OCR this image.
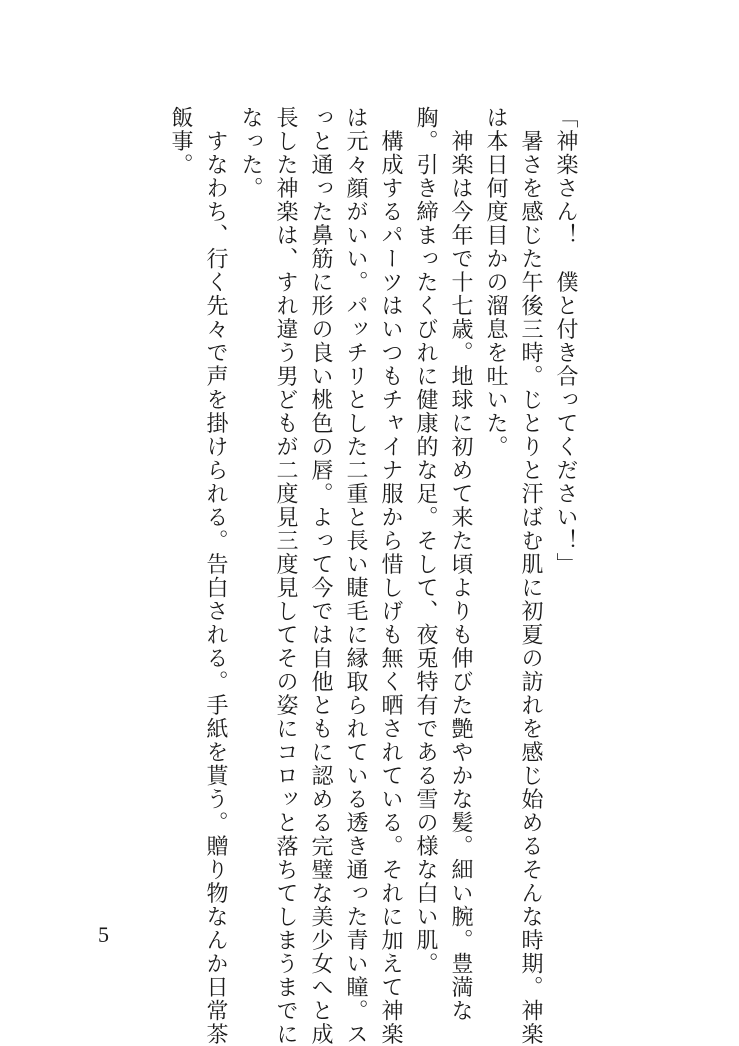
「神楽さん！　僕と付き合ってください！」
　暑さを感じた午後三時。じとりと汗ばむ肌に初夏の訪れを感じ始めるそんな時期。神楽
は本日何度目かの溜息を吐いた。
　神楽は今年で十七歳。地球に初めて来た頃よりも伸びた艶やかな髪。細い腕。豊満な
胸。引き締まったくびれに健康的な足。そして、夜兎特有である雪の様な白い肌。
　構成するパーツはいつもチャイナ服から惜しげも無く晒されている。それに加えて神楽
は元々顔がいい。パッチリとした二重と長い睫毛に縁取られている透き通った青い瞳。ス
っと通った鼻筋に形の良い桃色の唇。よって今では自他ともに認める完璧な美少女へと成
長した神楽は、すれ違う男どもが二度見三度見してその姿にコロッと落ちてしまうまでに
なった。
　すなわち、行く先々で声を掛けられる。告白される。手紙を貰う。贈り物なんか日常茶
飯事。
5
